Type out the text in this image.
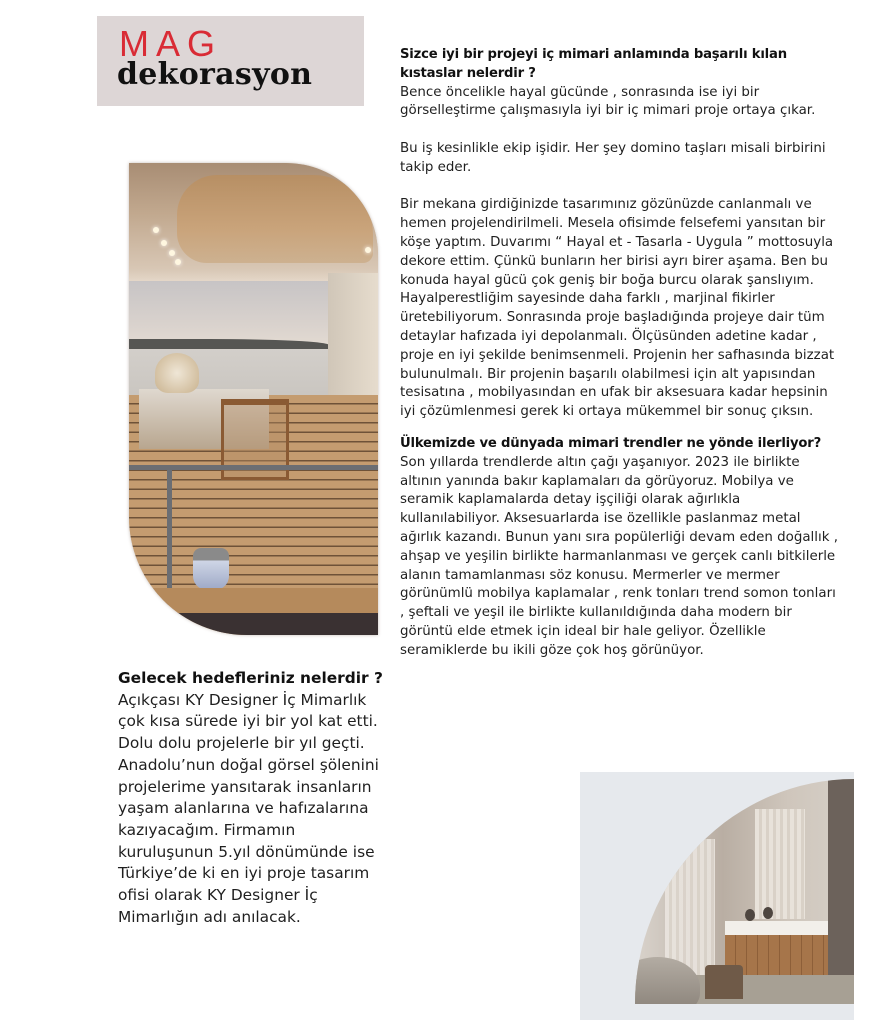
MAG
dekorasyon

Sizce iyi bir projeyi iç mimari anlamında başarılı kılan kıstaslar nelerdir ?

Bence öncelikle hayal gücünde , sonrasında ise iyi bir görselleştirme çalışmasıyla iyi bir iç mimari proje ortaya çıkar.

Bu iş kesinlikle ekip işidir. Her şey domino taşları misali birbirini takip eder.

Bir mekana girdiğinizde tasarımınız gözünüzde canlanmalı ve hemen projelendirilmeli. Mesela ofisimde felsefemi yansıtan bir köşe yaptım. Duvarımı “ Hayal et - Tasarla - Uygula ” mottosuyla dekore ettim. Çünkü bunların her birisi ayrı birer aşama. Ben bu konuda hayal gücü çok geniş bir boğa burcu olarak şanslıyım. Hayalperestliğim sayesinde daha farklı , marjinal fikirler üretebiliyorum. Sonrasında proje başladığında projeye dair tüm detaylar hafızada iyi depolanmalı. Ölçüsünden adetine kadar , proje en iyi şekilde benimsenmeli. Projenin her safhasında bizzat bulunulmalı. Bir projenin başarılı olabilmesi için alt yapısından tesisatına , mobilyasından en ufak bir aksesuara kadar hepsinin iyi çözümlenmesi gerek ki ortaya mükemmel bir sonuç çıksın.

Ülkemizde ve dünyada mimari trendler ne yönde ilerliyor?

Son yıllarda trendlerde altın çağı yaşanıyor. 2023 ile birlikte altının yanında bakır kaplamaları da görüyoruz. Mobilya ve seramik kaplamalarda detay işçiliği olarak ağırlıkla kullanılabiliyor. Aksesuarlarda ise özellikle paslanmaz metal ağırlık kazandı. Bunun yanı sıra popülerliği devam eden doğallık , ahşap ve yeşilin birlikte harmanlanması ve gerçek canlı bitkilerle alanın tamamlanması söz konusu. Mermerler ve mermer görünümlü mobilya kaplamalar , renk tonları trend somon tonları , şeftali ve yeşil ile birlikte kullanıldığında daha modern bir görüntü elde etmek için ideal bir hale geliyor. Özellikle seramiklerde bu ikili göze çok hoş görünüyor.

Gelecek hedefleriniz nelerdir ?

Açıkçası KY Designer İç Mimarlık çok kısa sürede iyi bir yol kat etti. Dolu dolu projelerle bir yıl geçti. Anadolu’nun doğal görsel şölenini projelerime yansıtarak insanların yaşam alanlarına ve hafızalarına kazıyacağım. Firmamın kuruluşunun 5.yıl dönümünde ise Türkiye’de ki en iyi proje tasarım ofisi olarak KY Designer İç Mimarlığın adı anılacak.
